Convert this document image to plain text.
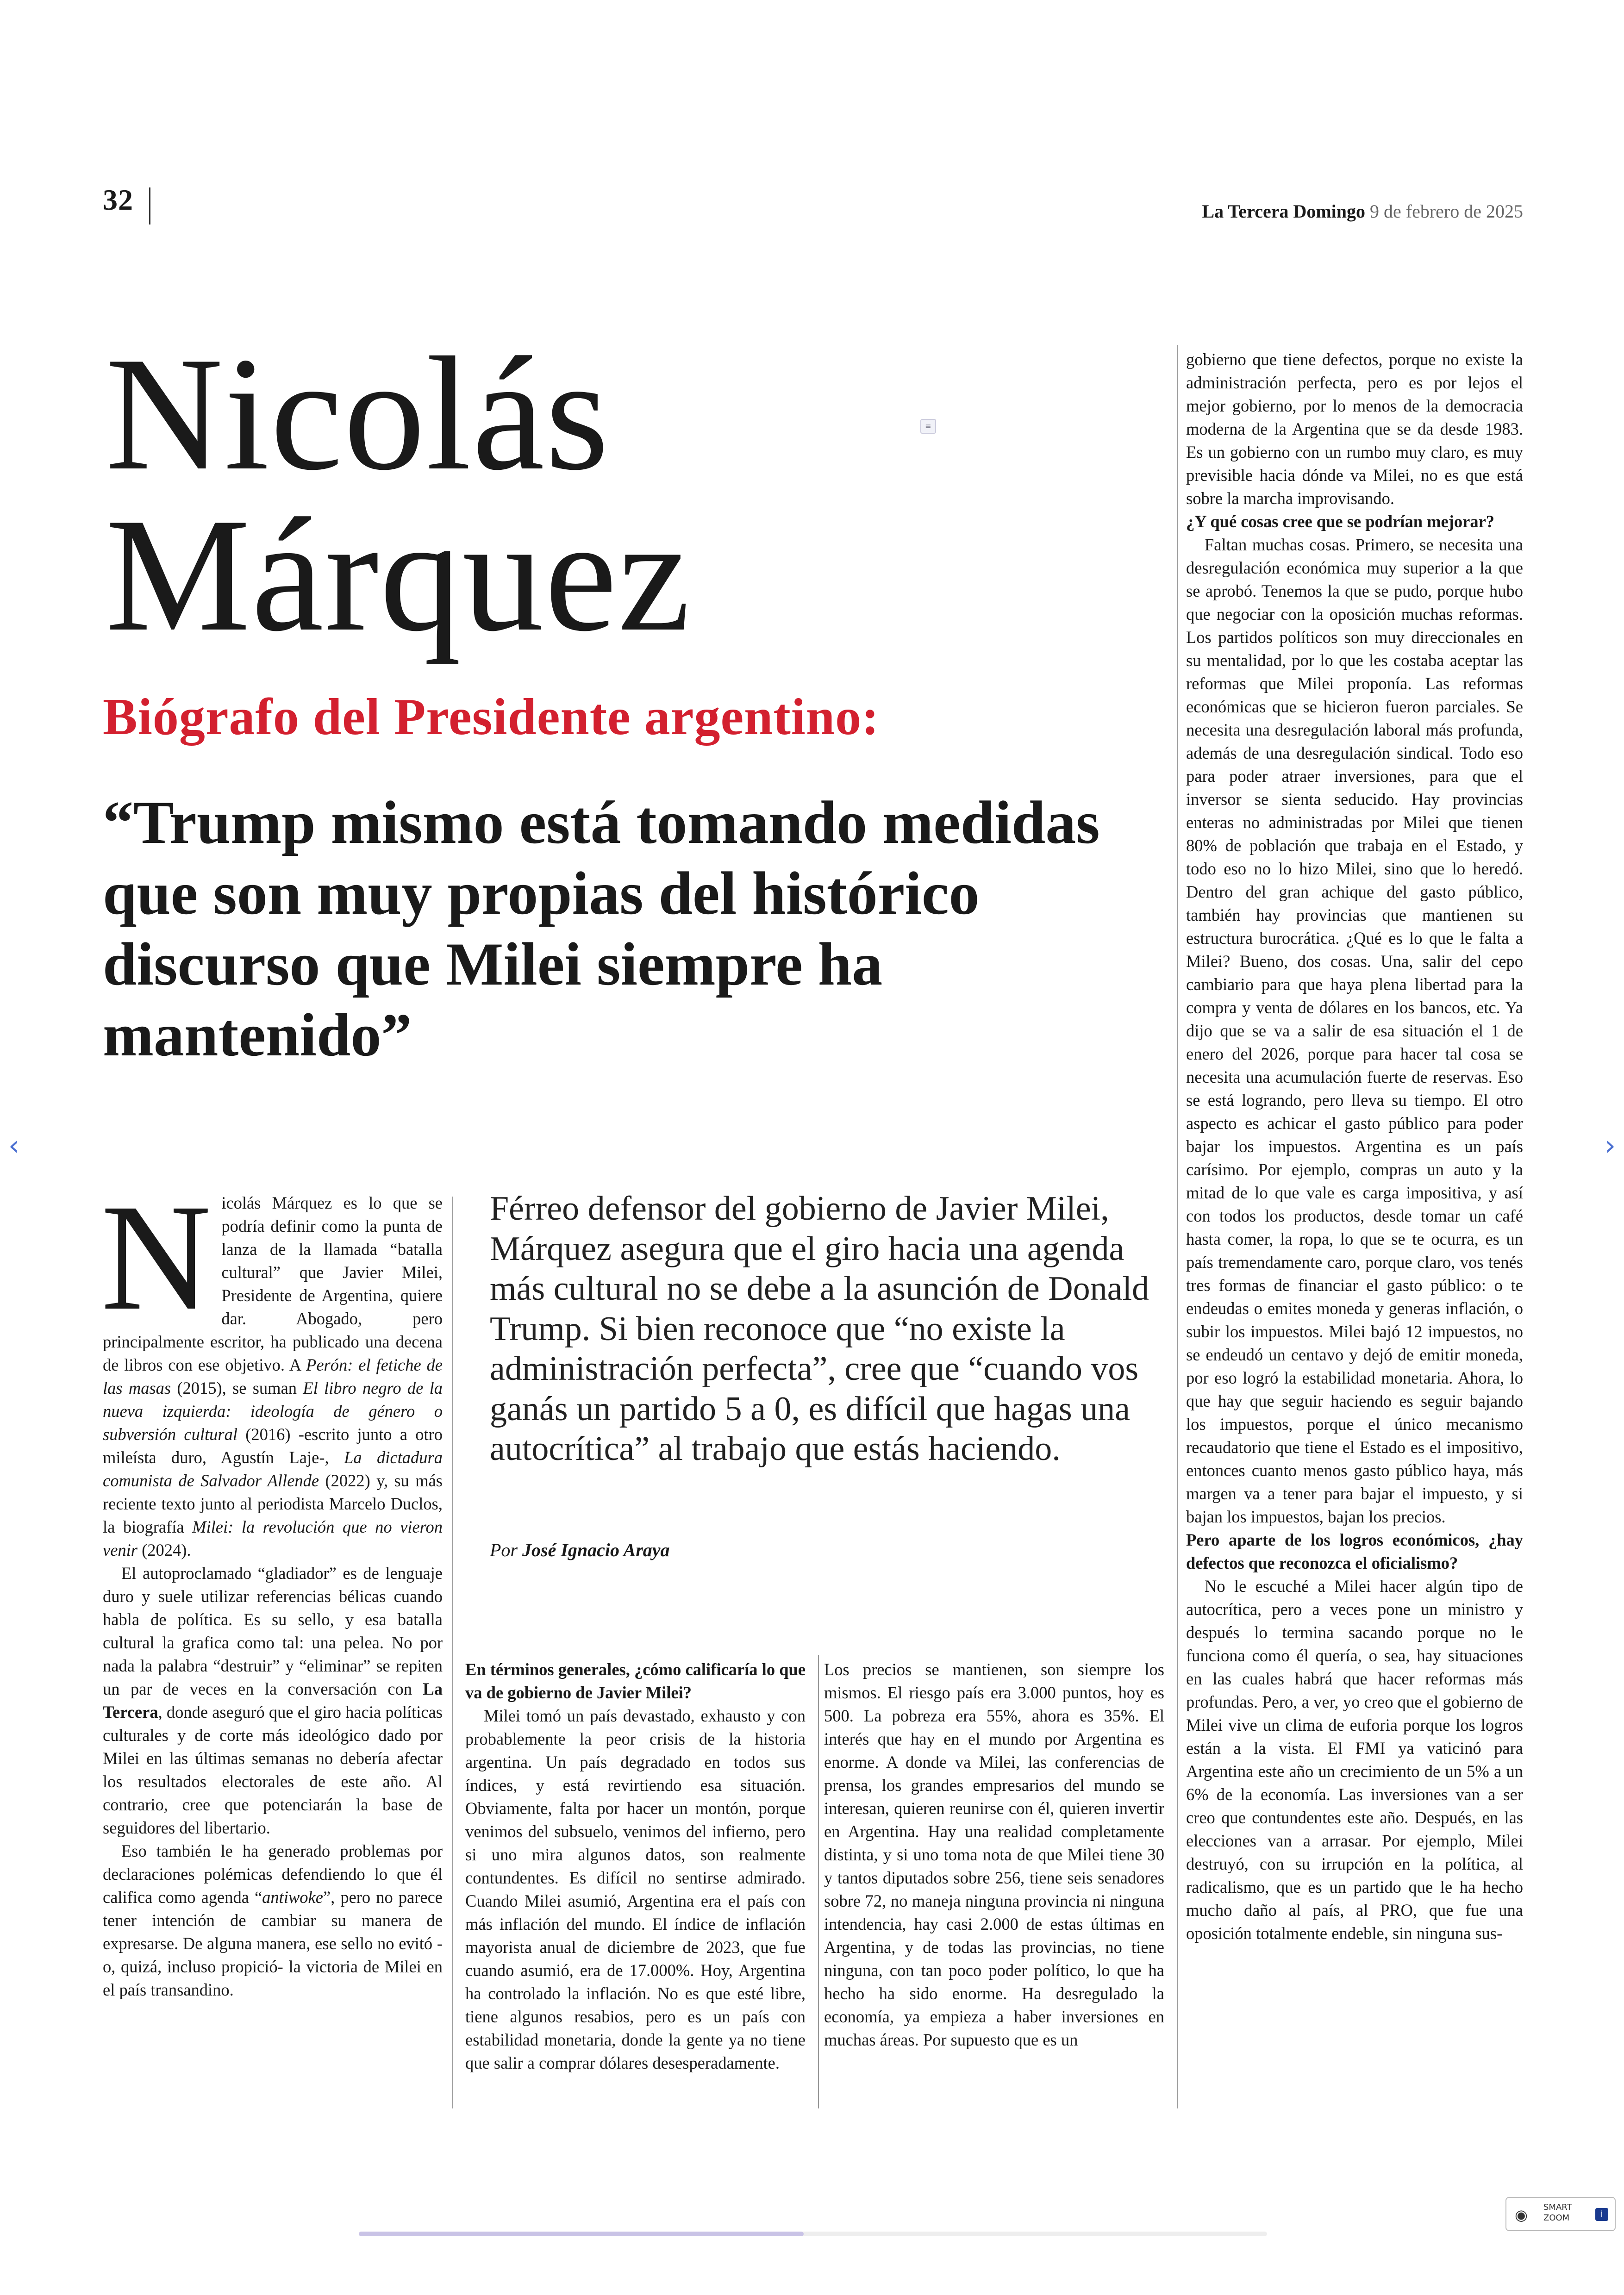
32	La Tercera Domingo 9 de febrero de 2025
Nicolás
Márquez
≡
Biógrafo del Presidente argentino:
“Trump mismo está tomando medidas que son muy propias del histórico discurso que Milei siempre ha mantenido”

Nicolás Márquez es lo que se podría definir como la punta de lanza de la llamada “batalla cultural” que Javier Milei, Presidente de Argentina, quiere dar. Abogado, pero principalmente escritor, ha publicado una decena de libros con ese objetivo. A Perón: el fetiche de las masas (2015), se suman El libro negro de la nueva izquierda: ideología de género o subversión cultural (2016) -escrito junto a otro mileísta duro, Agustín Laje-, La dictadura comunista de Salvador Allende (2022) y, su más reciente texto junto al periodista Marcelo Duclos, la biografía Milei: la revolución que no vieron venir (2024).

El autoproclamado “gladiador” es de lenguaje duro y suele utilizar referencias bélicas cuando habla de política. Es su sello, y esa batalla cultural la grafica como tal: una pelea. No por nada la palabra “destruir” y “eliminar” se repiten un par de veces en la conversación con La Tercera, donde aseguró que el giro hacia políticas culturales y de corte más ideológico dado por Milei en las últimas semanas no debería afectar los resultados electorales de este año. Al contrario, cree que potenciarán la base de seguidores del libertario.

Eso también le ha generado problemas por declaraciones polémicas defendiendo lo que él califica como agenda “antiwoke”, pero no parece tener intención de cambiar su manera de expresarse. De alguna manera, ese sello no evitó -o, quizá, incluso propició- la victoria de Milei en el país transandino.

Férreo defensor del gobierno de Javier Milei, Márquez asegura que el giro hacia una agenda más cultural no se debe a la asunción de Donald Trump. Si bien reconoce que “no existe la administración perfecta”, cree que “cuando vos ganás un partido 5 a 0, es difícil que hagas una autocrítica” al trabajo que estás haciendo.
Por José Ignacio Araya

En términos generales, ¿cómo calificaría lo que va de gobierno de Javier Milei?

Milei tomó un país devastado, exhausto y con probablemente la peor crisis de la historia argentina. Un país degradado en todos sus índices, y está revirtiendo esa situación. Obviamente, falta por hacer un montón, porque venimos del subsuelo, venimos del infierno, pero si uno mira algunos datos, son realmente contundentes. Es difícil no sentirse admirado. Cuando Milei asumió, Argentina era el país con más inflación del mundo. El índice de inflación mayorista anual de diciembre de 2023, que fue cuando asumió, era de 17.000%. Hoy, Argentina ha controlado la inflación. No es que esté libre, tiene algunos resabios, pero es un país con estabilidad monetaria, donde la gente ya no tiene que salir a comprar dólares desesperadamente.

Los precios se mantienen, son siempre los mismos. El riesgo país era 3.000 puntos, hoy es 500. La pobreza era 55%, ahora es 35%. El interés que hay en el mundo por Argentina es enorme. A donde va Milei, las conferencias de prensa, los grandes empresarios del mundo se interesan, quieren reunirse con él, quieren invertir en Argentina. Hay una realidad completamente distinta, y si uno toma nota de que Milei tiene 30 y tantos diputados sobre 256, tiene seis senadores sobre 72, no maneja ninguna provincia ni ninguna intendencia, hay casi 2.000 de estas últimas en Argentina, y de todas las provincias, no tiene ninguna, con tan poco poder político, lo que ha hecho ha sido enorme. Ha desregulado la economía, ya empieza a haber inversiones en muchas áreas. Por supuesto que es un

gobierno que tiene defectos, porque no existe la administración perfecta, pero es por lejos el mejor gobierno, por lo menos de la democracia moderna de la Argentina que se da desde 1983. Es un gobierno con un rumbo muy claro, es muy previsible hacia dónde va Milei, no es que está sobre la marcha improvisando.

¿Y qué cosas cree que se podrían mejorar?

Faltan muchas cosas. Primero, se necesita una desregulación económica muy superior a la que se aprobó. Tenemos la que se pudo, porque hubo que negociar con la oposición muchas reformas. Los partidos políticos son muy direccionales en su mentalidad, por lo que les costaba aceptar las reformas que Milei proponía. Las reformas económicas que se hicieron fueron parciales. Se necesita una desregulación laboral más profunda, además de una desregulación sindical. Todo eso para poder atraer inversiones, para que el inversor se sienta seducido. Hay provincias enteras no administradas por Milei que tienen 80% de población que trabaja en el Estado, y todo eso no lo hizo Milei, sino que lo heredó. Dentro del gran achique del gasto público, también hay provincias que mantienen su estructura burocrática. ¿Qué es lo que le falta a Milei? Bueno, dos cosas. Una, salir del cepo cambiario para que haya plena libertad para la compra y venta de dólares en los bancos, etc. Ya dijo que se va a salir de esa situación el 1 de enero del 2026, porque para hacer tal cosa se necesita una acumulación fuerte de reservas. Eso se está logrando, pero lleva su tiempo. El otro aspecto es achicar el gasto público para poder bajar los impuestos. Argentina es un país carísimo. Por ejemplo, compras un auto y la mitad de lo que vale es carga impositiva, y así con todos los productos, desde tomar un café hasta comer, la ropa, lo que se te ocurra, es un país tremendamente caro, porque claro, vos tenés tres formas de financiar el gasto público: o te endeudas o emites moneda y generas inflación, o subir los impuestos. Milei bajó 12 impuestos, no se endeudó un centavo y dejó de emitir moneda, por eso logró la estabilidad monetaria. Ahora, lo que hay que seguir haciendo es seguir bajando los impuestos, porque el único mecanismo recaudatorio que tiene el Estado es el impositivo, entonces cuanto menos gasto público haya, más margen va a tener para bajar el impuesto, y si bajan los impuestos, bajan los precios.

Pero aparte de los logros económicos, ¿hay defectos que reconozca el oficialismo?

No le escuché a Milei hacer algún tipo de autocrítica, pero a veces pone un ministro y después lo termina sacando porque no le funciona como él quería, o sea, hay situaciones en las cuales habrá que hacer reformas más profundas. Pero, a ver, yo creo que el gobierno de Milei vive un clima de euforia porque los logros están a la vista. El FMI ya vaticinó para Argentina este año un crecimiento de un 5% a un 6% de la economía. Las inversiones van a ser creo que contundentes este año. Después, en las elecciones van a arrasar. Por ejemplo, Milei destruyó, con su irrupción en la política, al radicalismo, que es un partido que le ha hecho mucho daño al país, al PRO, que fue una oposición totalmente endeble, sin ninguna sus-

‹	›
◉ SMART ZOOM	i
